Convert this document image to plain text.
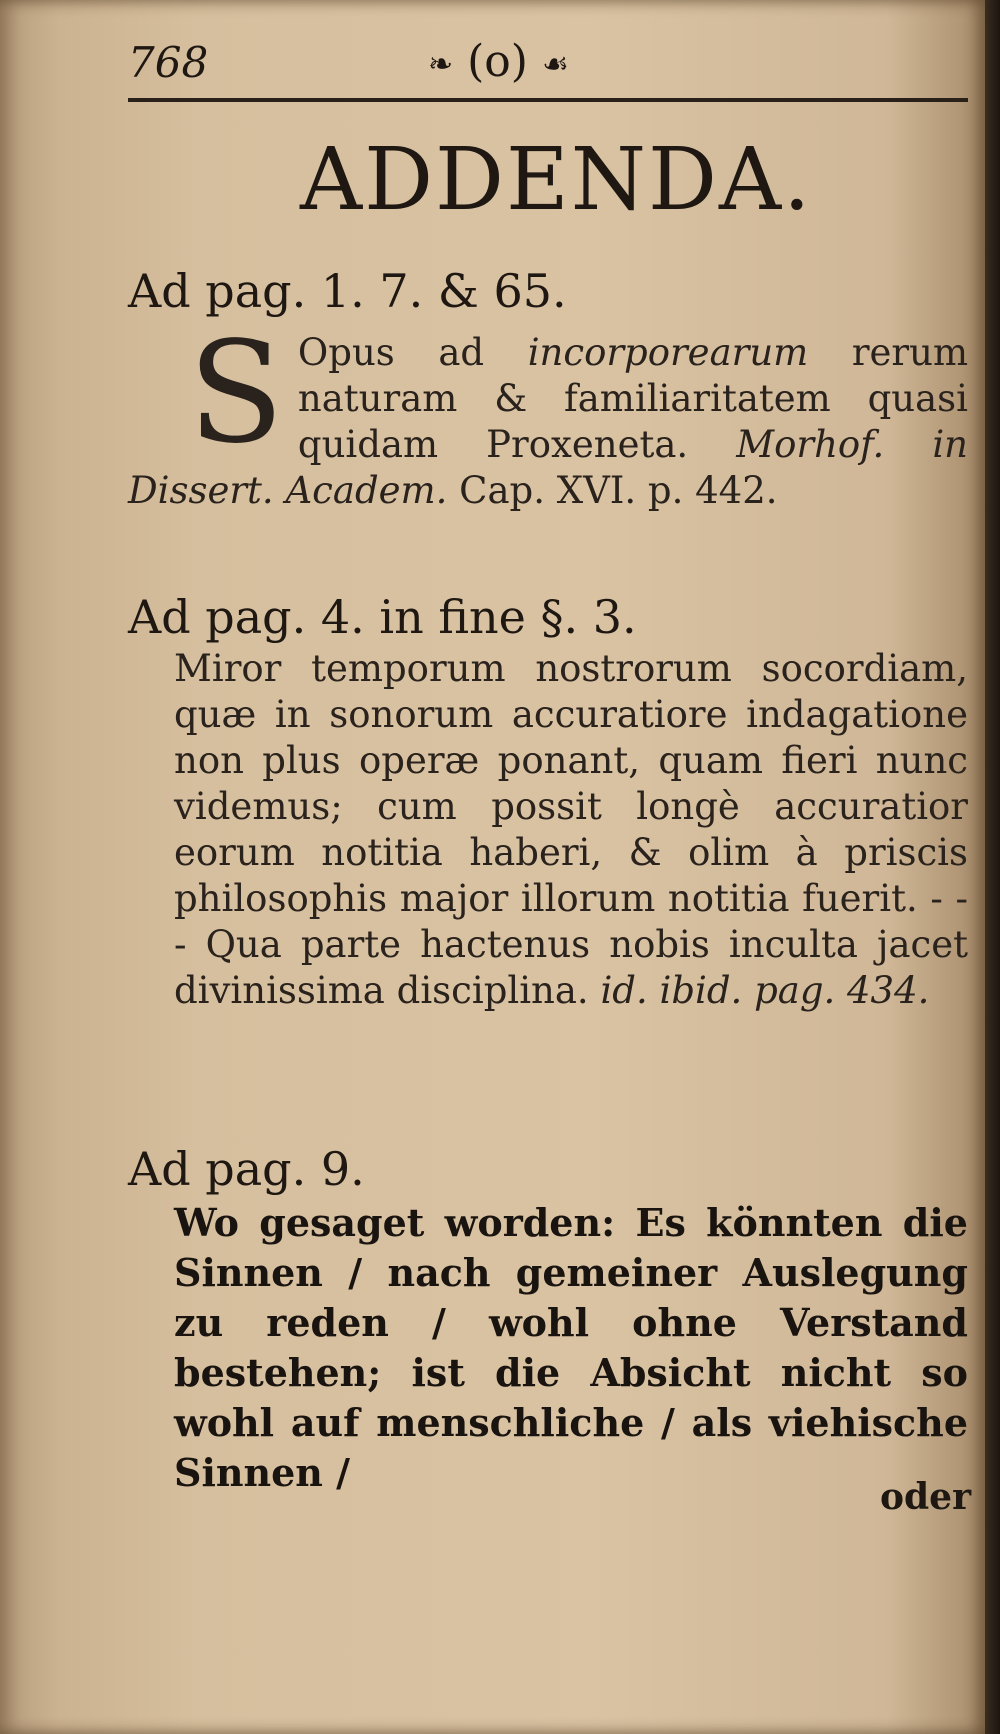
768	❧ (o) ☙
ADDENDA.

Ad pag. 1. 7. & 65.

S Opus ad incorporearum rerum naturam & familiaritatem quasi quidam Proxeneta. Morhof. in Dissert. Academ. Cap. XVI. p. 442.

Ad pag. 4. in fine §. 3.

Miror temporum nostrorum socordiam, quæ in sonorum accuratiore indagatione non plus operæ ponant, quam fieri nunc videmus; cum possit longè accuratior eorum notitia haberi, & olim à priscis philosophis major illorum notitia fuerit. - - - Qua parte hactenus nobis inculta jacet divinissima disciplina. id. ibid. pag. 434.

Ad pag. 9.

Wo gesaget worden: Es könnten die Sinnen / nach gemeiner Auslegung zu reden / wohl ohne Verstand bestehen; ist die Absicht nicht so wohl auf menschliche / als viehische Sinnen /

oder
